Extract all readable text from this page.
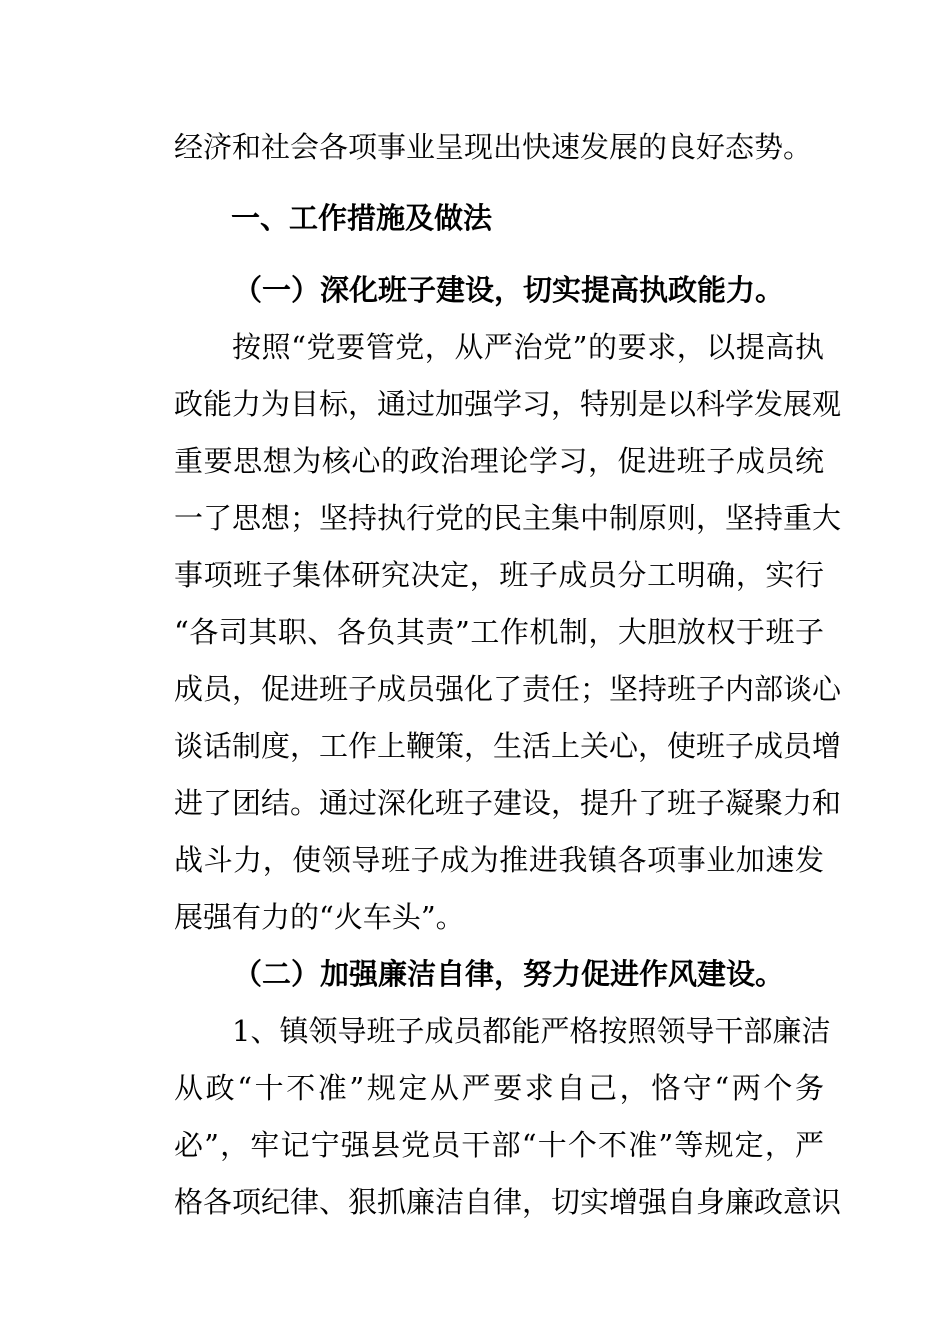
经济和社会各项事业呈现出快速发展的良好态势。
一、工作措施及做法
（一）深化班子建设，切实提高执政能力。
按照“党要管党，从严治党”的要求，以提高执
政能力为目标，通过加强学习，特别是以科学发展观
重要思想为核心的政治理论学习，促进班子成员统
一了思想；坚持执行党的民主集中制原则，坚持重大
事项班子集体研究决定，班子成员分工明确，实行
“各司其职、各负其责”工作机制，大胆放权于班子
成员，促进班子成员强化了责任；坚持班子内部谈心
谈话制度，工作上鞭策，生活上关心，使班子成员增
进了团结。通过深化班子建设，提升了班子凝聚力和
战斗力，使领导班子成为推进我镇各项事业加速发
展强有力的“火车头”。
（二）加强廉洁自律，努力促进作风建设。
1、镇领导班子成员都能严格按照领导干部廉洁
从政“十不准”规定从严要求自己，恪守“两个务
必”，牢记宁强县党员干部“十个不准”等规定，严
格各项纪律、狠抓廉洁自律，切实增强自身廉政意识
